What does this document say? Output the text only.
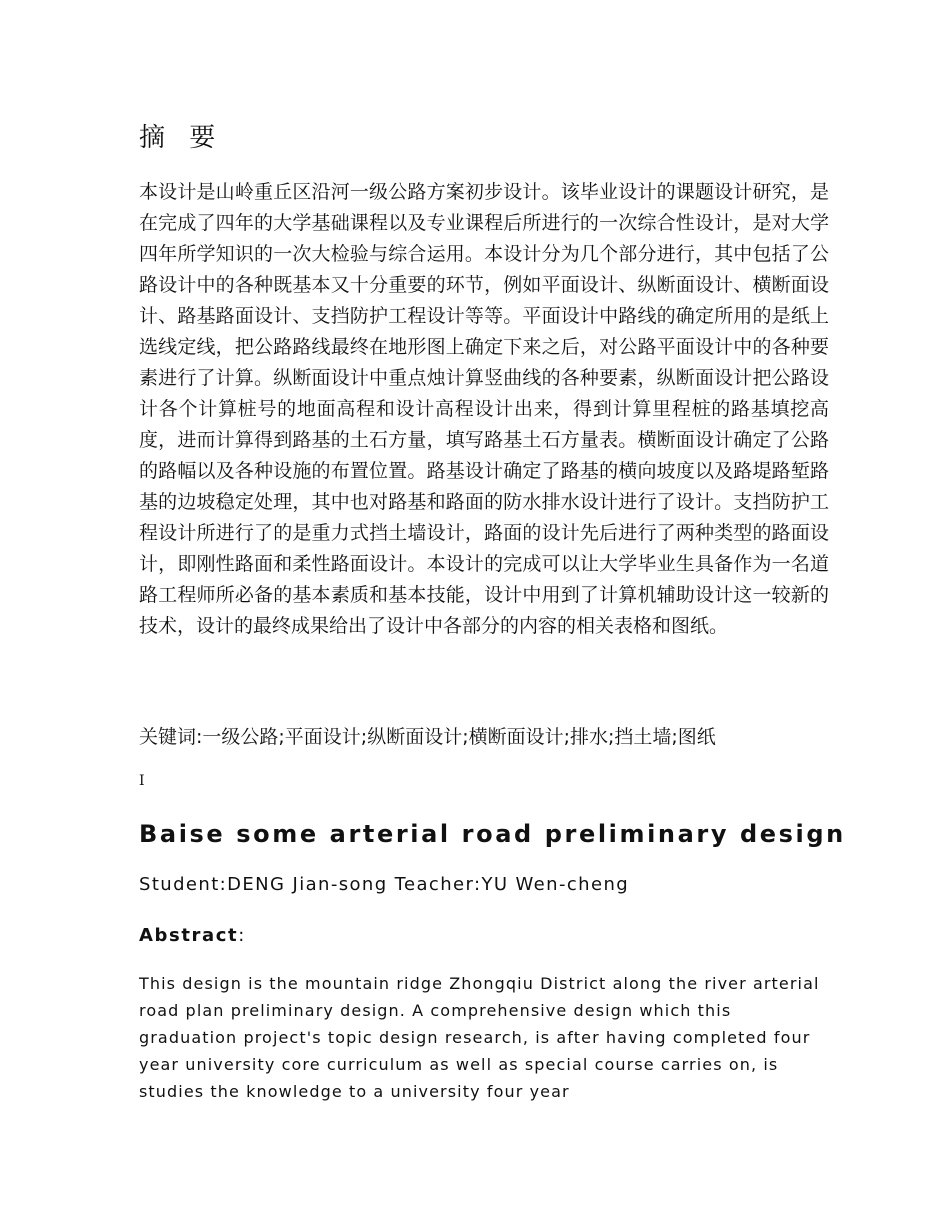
摘 要

本设计是山岭重丘区沿河一级公路方案初步设计。该毕业设计的课题设计研究，是在完成了四年的大学基础课程以及专业课程后所进行的一次综合性设计，是对大学四年所学知识的一次大检验与综合运用。本设计分为几个部分进行，其中包括了公路设计中的各种既基本又十分重要的环节，例如平面设计、纵断面设计、横断面设计、路基路面设计、支挡防护工程设计等等。平面设计中路线的确定所用的是纸上选线定线，把公路路线最终在地形图上确定下来之后，对公路平面设计中的各种要素进行了计算。纵断面设计中重点烛计算竖曲线的各种要素，纵断面设计把公路设计各个计算桩号的地面高程和设计高程设计出来，得到计算里程桩的路基填挖高度，进而计算得到路基的土石方量，填写路基土石方量表。横断面设计确定了公路的路幅以及各种设施的布置位置。路基设计确定了路基的横向坡度以及路堤路堑路基的边坡稳定处理，其中也对路基和路面的防水排水设计进行了设计。支挡防护工程设计所进行了的是重力式挡土墙设计，路面的设计先后进行了两种类型的路面设计，即刚性路面和柔性路面设计。本设计的完成可以让大学毕业生具备作为一名道路工程师所必备的基本素质和基本技能，设计中用到了计算机辅助设计这一较新的技术，设计的最终成果给出了设计中各部分的内容的相关表格和图纸。

关键词:一级公路;平面设计;纵断面设计;横断面设计;排水;挡土墙;图纸

I

Baise some arterial road preliminary design

Student:DENG Jian-song Teacher:YU Wen-cheng

Abstract:

This design is the mountain ridge Zhongqiu District along the river arterial road plan preliminary design. A comprehensive design which this graduation project's topic design research, is after having completed four year university core curriculum as well as special course carries on, is studies the knowledge to a university four year
